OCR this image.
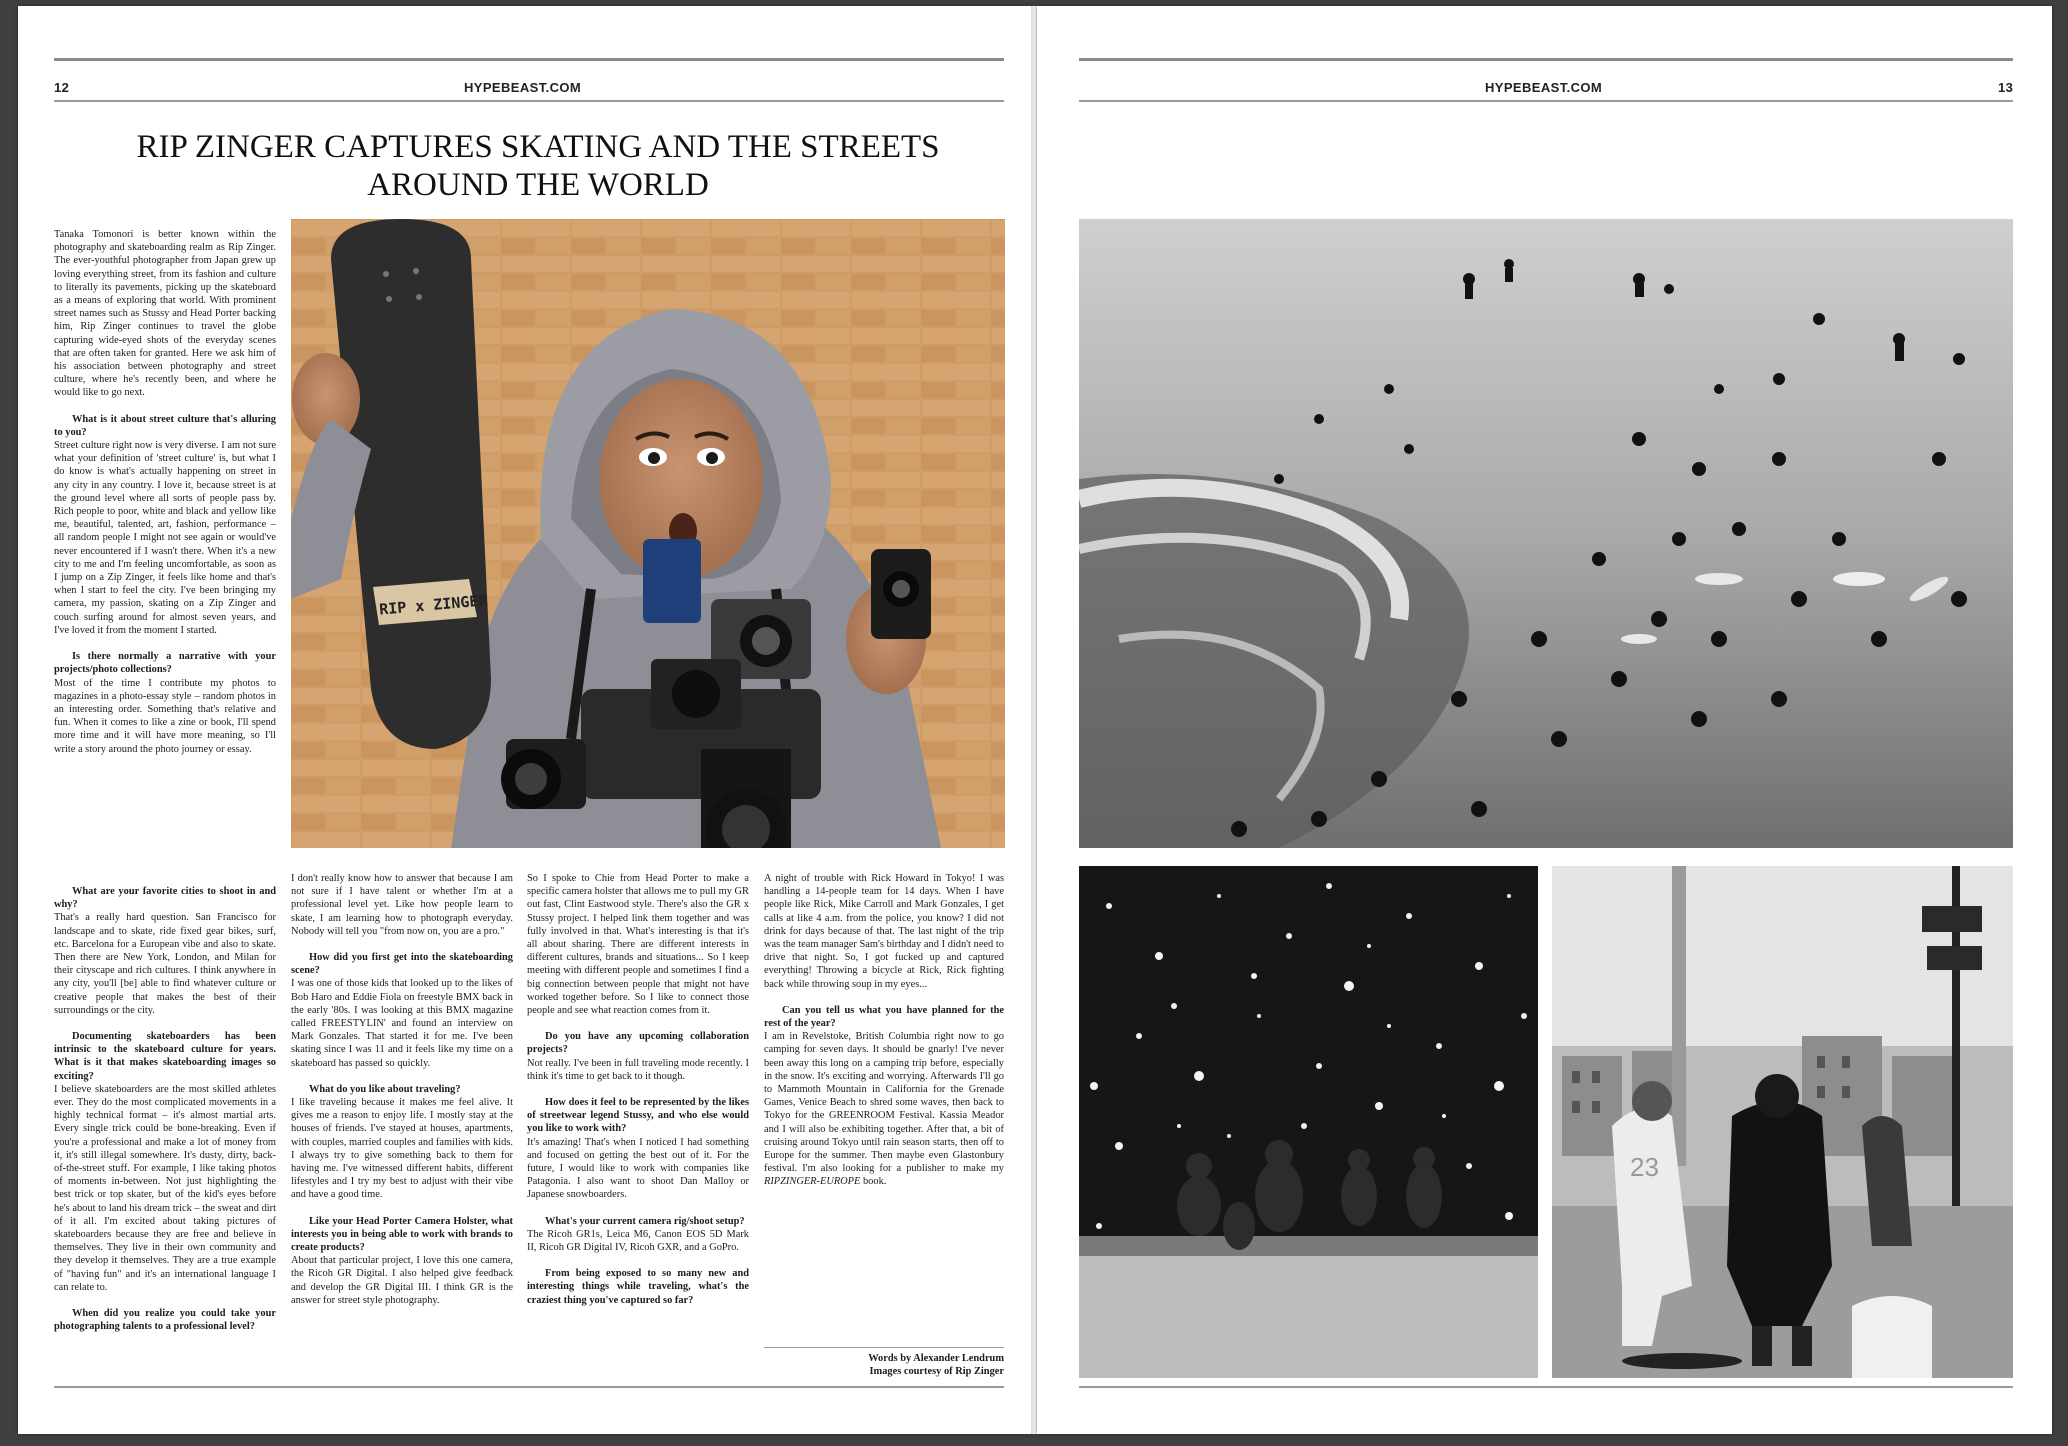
12	HYPEBEAST.COM
RIP ZINGER CAPTURES SKATING AND THE STREETS AROUND THE WORLD
RIP x ZINGER

Tanaka Tomonori is better known within the photography and skateboarding realm as Rip Zinger. The ever-youthful photographer from Japan grew up loving everything street, from its fashion and culture to literally its pavements, picking up the skateboard as a means of exploring that world. With prominent street names such as Stussy and Head Porter backing him, Rip Zinger continues to travel the globe capturing wide-eyed shots of the everyday scenes that are often taken for granted. Here we ask him of his association between photography and street culture, where he's recently been, and where he would like to go next.

What is it about street culture that's alluring to you?

Street culture right now is very diverse. I am not sure what your definition of 'street culture' is, but what I do know is what's actually happening on street in any city in any country. I love it, because street is at the ground level where all sorts of people pass by. Rich people to poor, white and black and yellow like me, beautiful, talented, art, fashion, performance – all random people I might not see again or would've never encountered if I wasn't there. When it's a new city to me and I'm feeling uncomfortable, as soon as I jump on a Zip Zinger, it feels like home and that's when I start to feel the city. I've been bringing my camera, my passion, skating on a Zip Zinger and couch surfing around for almost seven years, and I've loved it from the moment I started.

Is there normally a narrative with your projects/photo collections?

Most of the time I contribute my photos to magazines in a photo-essay style – random photos in an interesting order. Something that's relative and fun. When it comes to like a zine or book, I'll spend more time and it will have more meaning, so I'll write a story around the photo journey or essay.

What are your favorite cities to shoot in and why?

That's a really hard question. San Francisco for landscape and to skate, ride fixed gear bikes, surf, etc. Barcelona for a European vibe and also to skate. Then there are New York, London, and Milan for their cityscape and rich cultures. I think anywhere in any city, you'll [be] able to find whatever culture or creative people that makes the best of their surroundings or the city.

Documenting skateboarders has been intrinsic to the skateboard culture for years. What is it that makes skateboarding images so exciting?

I believe skateboarders are the most skilled athletes ever. They do the most complicated movements in a highly technical format – it's almost martial arts. Every single trick could be bone-breaking. Even if you're a professional and make a lot of money from it, it's still illegal somewhere. It's dusty, dirty, back-of-the-street stuff. For example, I like taking photos of moments in-between. Not just highlighting the best trick or top skater, but of the kid's eyes before he's about to land his dream trick – the sweat and dirt of it all. I'm excited about taking pictures of skateboarders because they are free and believe in themselves. They live in their own community and they develop it themselves. They are a true example of "having fun" and it's an international language I can relate to.

When did you realize you could take your photographing talents to a professional level?

I don't really know how to answer that because I am not sure if I have talent or whether I'm at a professional level yet. Like how people learn to skate, I am learning how to photograph everyday. Nobody will tell you "from now on, you are a pro."

How did you first get into the skateboarding scene?

I was one of those kids that looked up to the likes of Bob Haro and Eddie Fiola on freestyle BMX back in the early '80s. I was looking at this BMX magazine called FREESTYLIN' and found an interview on Mark Gonzales. That started it for me. I've been skating since I was 11 and it feels like my time on a skateboard has passed so quickly.

What do you like about traveling?

I like traveling because it makes me feel alive. It gives me a reason to enjoy life. I mostly stay at the houses of friends. I've stayed at houses, apartments, with couples, married couples and families with kids. I always try to give something back to them for having me. I've witnessed different habits, different lifestyles and I try my best to adjust with their vibe and have a good time.

Like your Head Porter Camera Holster, what interests you in being able to work with brands to create products?

About that particular project, I love this one camera, the Ricoh GR Digital. I also helped give feedback and develop the GR Digital III. I think GR is the answer for street style photography.

So I spoke to Chie from Head Porter to make a specific camera holster that allows me to pull my GR out fast, Clint Eastwood style. There's also the GR x Stussy project. I helped link them together and was fully involved in that. What's interesting is that it's all about sharing. There are different interests in different cultures, brands and situations... So I keep meeting with different people and sometimes I find a big connection between people that might not have worked together before. So I like to connect those people and see what reaction comes from it.

Do you have any upcoming collaboration projects?

Not really. I've been in full traveling mode recently. I think it's time to get back to it though.

How does it feel to be represented by the likes of streetwear legend Stussy, and who else would you like to work with?

It's amazing! That's when I noticed I had something and focused on getting the best out of it. For the future, I would like to work with companies like Patagonia. I also want to shoot Dan Malloy or Japanese snowboarders.

What's your current camera rig/shoot setup?

The Ricoh GR1s, Leica M6, Canon EOS 5D Mark II, Ricoh GR Digital IV, Ricoh GXR, and a GoPro.

From being exposed to so many new and interesting things while traveling, what's the craziest thing you've captured so far?

A night of trouble with Rick Howard in Tokyo! I was handling a 14-people team for 14 days. When I have people like Rick, Mike Carroll and Mark Gonzales, I get calls at like 4 a.m. from the police, you know? I did not drink for days because of that. The last night of the trip was the team manager Sam's birthday and I didn't need to drive that night. So, I got fucked up and captured everything! Throwing a bicycle at Rick, Rick fighting back while throwing soup in my eyes...

Can you tell us what you have planned for the rest of the year?

I am in Revelstoke, British Columbia right now to go camping for seven days. It should be gnarly! I've never been away this long on a camping trip before, especially in the snow. It's exciting and worrying. Afterwards I'll go to Mammoth Mountain in California for the Grenade Games, Venice Beach to shred some waves, then back to Tokyo for the GREENROOM Festival. Kassia Meador and I will also be exhibiting together. After that, a bit of cruising around Tokyo until rain season starts, then off to Europe for the summer. Then maybe even Glastonbury festival. I'm also looking for a publisher to make my RIPZINGER-EUROPE book.

Words by Alexander Lendrum

Images courtesy of Rip Zinger

HYPEBEAST.COM	13
23
